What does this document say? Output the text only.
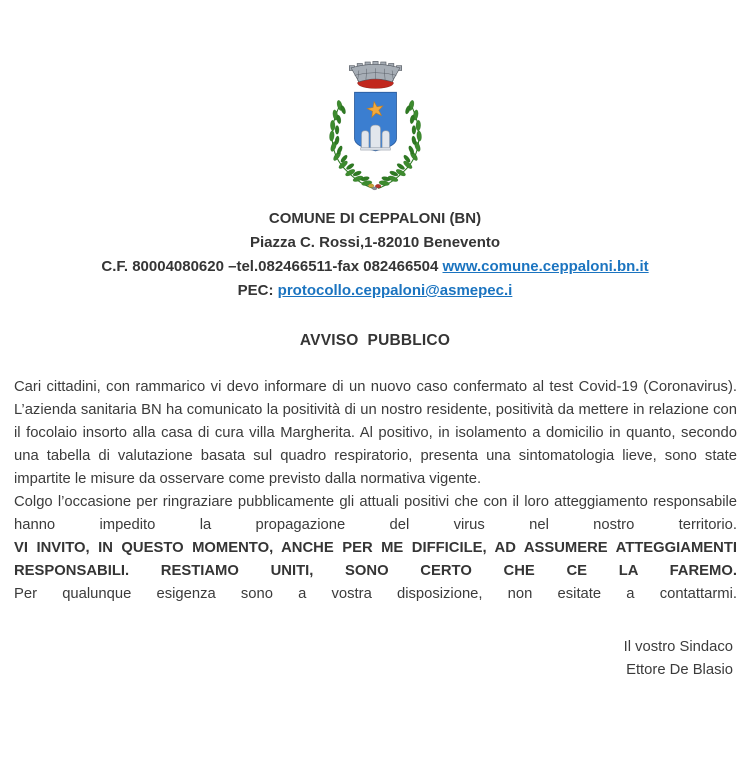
COMUNE DI CEPPALONI (BN)
Piazza C. Rossi,1-82010 Benevento
C.F. 80004080620 –tel.082466511-fax 082466504 www.comune.ceppaloni.bn.it
PEC: protocollo.ceppaloni@asmepec.i
AVVISO  PUBBLICO

Cari cittadini, con rammarico vi devo informare di un nuovo caso confermato al test Covid-19 (Coronavirus). L’azienda sanitaria BN ha comunicato la positività di un nostro residente, positività da mettere in relazione con il focolaio insorto alla casa di cura villa Margherita. Al positivo, in isolamento a domicilio in quanto, secondo una tabella di valutazione basata sul quadro respiratorio, presenta una sintomatologia lieve, sono state impartite le misure da osservare come previsto dalla normativa vigente.

Colgo l’occasione per ringraziare pubblicamente gli attuali positivi che con il loro atteggiamento responsabile hanno impedito la propagazione del virus nel nostro territorio.

VI INVITO, IN QUESTO MOMENTO, ANCHE PER ME DIFFICILE, AD ASSUMERE ATTEGGIAMENTI RESPONSABILI. RESTIAMO UNITI, SONO CERTO CHE CE LA FAREMO.

Per qualunque esigenza sono a vostra disposizione, non esitate a contattarmi.

Il vostro Sindaco
Ettore De Blasio
